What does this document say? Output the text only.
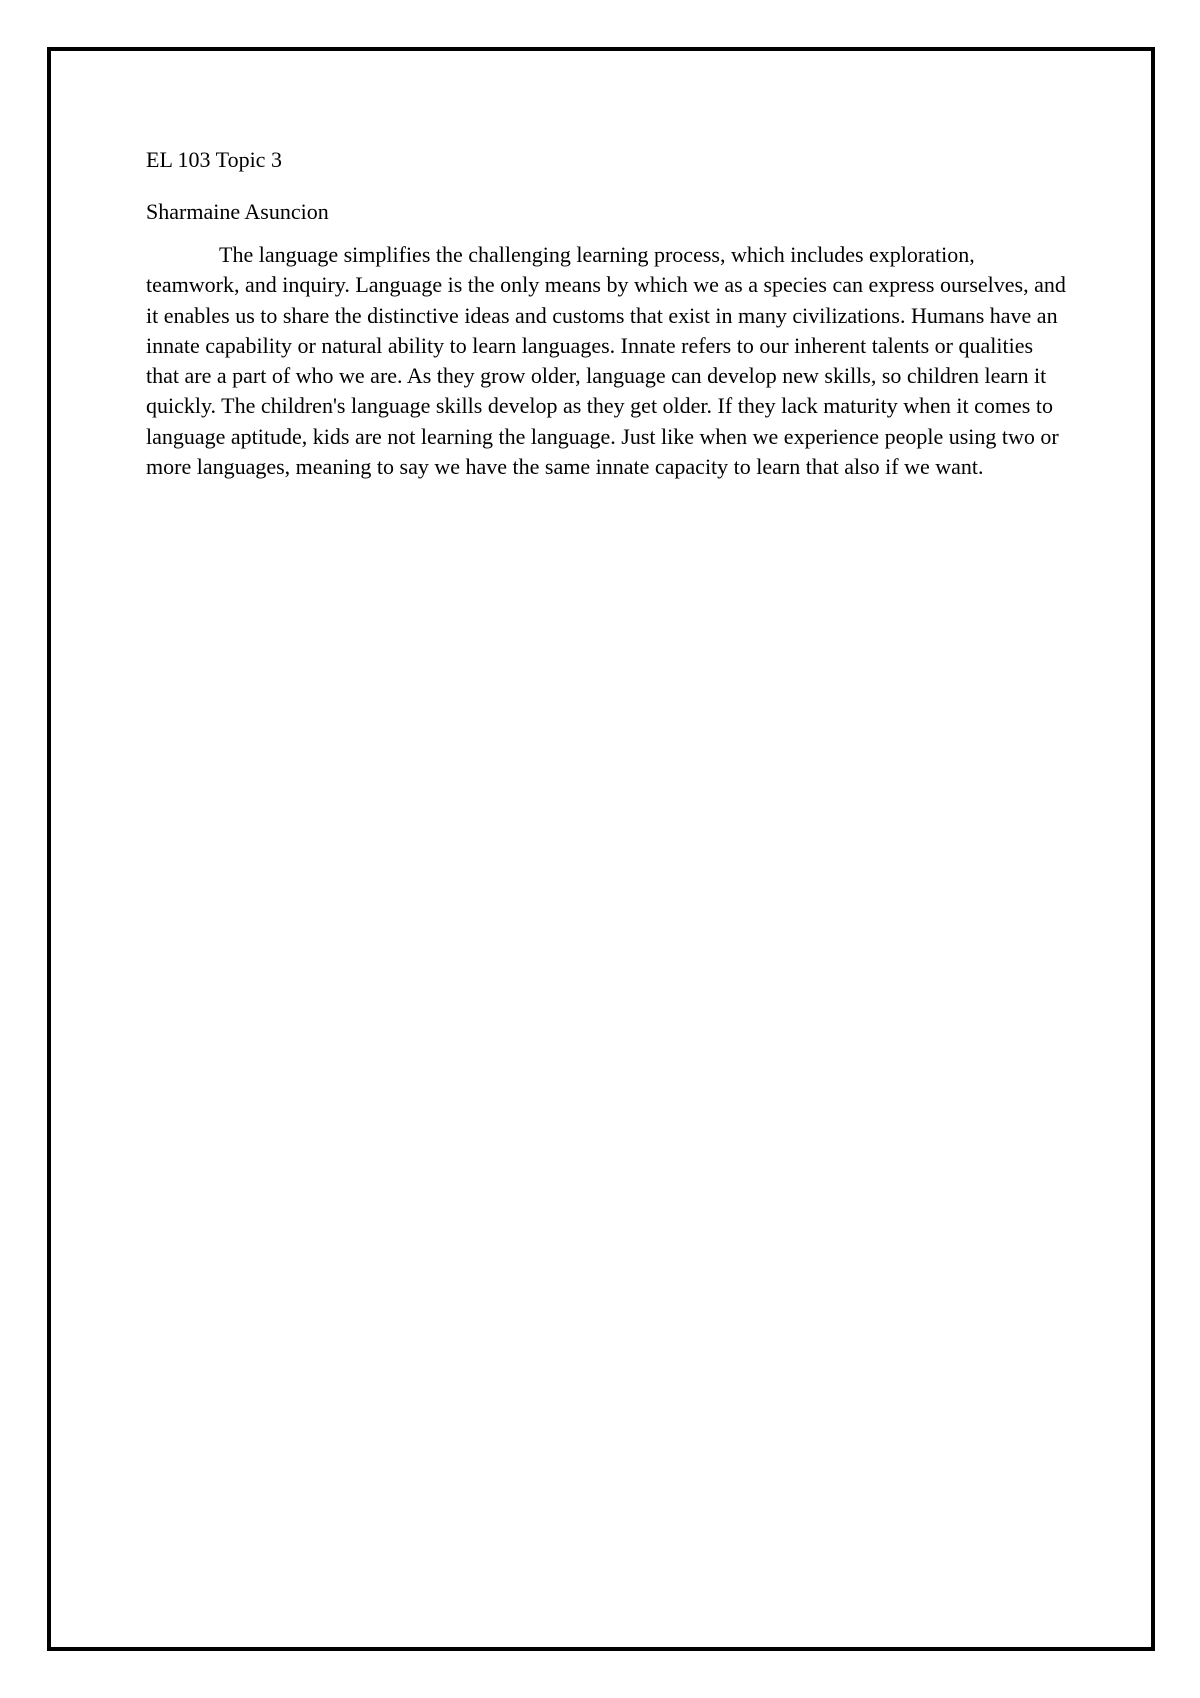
EL 103 Topic 3

Sharmaine Asuncion

The language simplifies the challenging learning process, which includes exploration, teamwork, and inquiry. Language is the only means by which we as a species can express ourselves, and it enables us to share the distinctive ideas and customs that exist in many civilizations. Humans have an innate capability or natural ability to learn languages. Innate refers to our inherent talents or qualities that are a part of who we are. As they grow older, language can develop new skills, so children learn it quickly. The children's language skills develop as they get older. If they lack maturity when it comes to language aptitude, kids are not learning the language. Just like when we experience people using two or more languages, meaning to say we have the same innate capacity to learn that also if we want.
